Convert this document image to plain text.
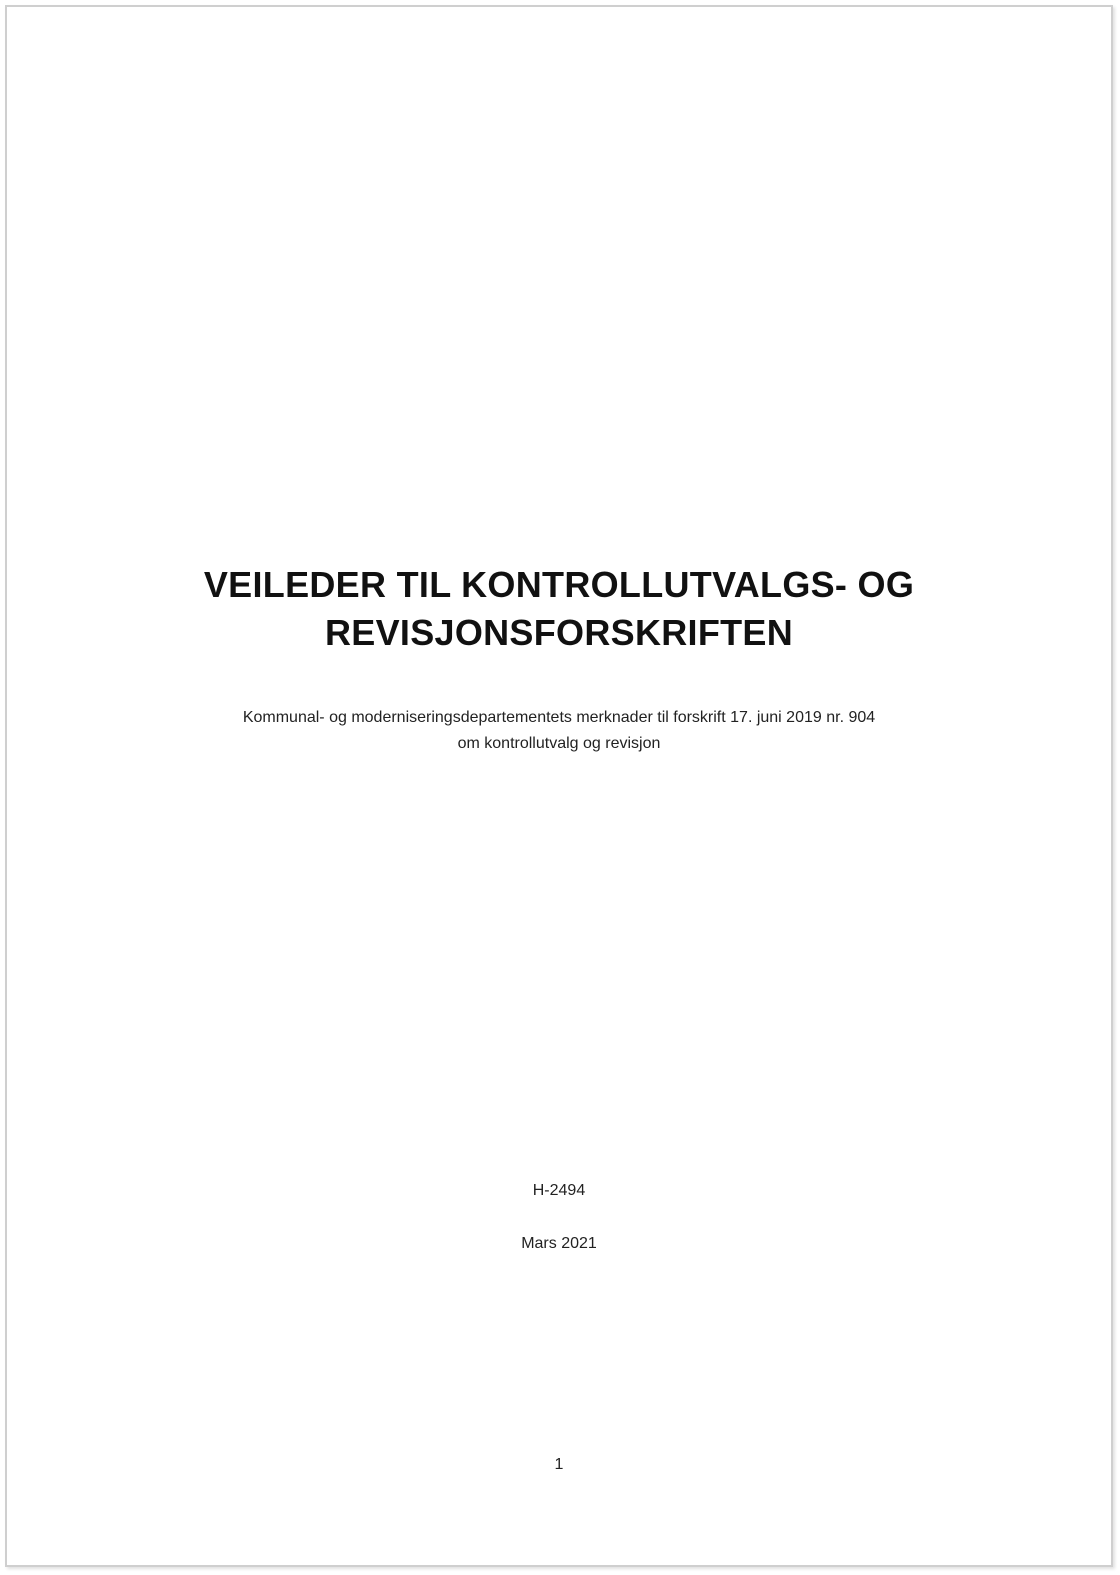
VEILEDER TIL KONTROLLUTVALGS- OG
REVISJONSFORSKRIFTEN
Kommunal- og moderniseringsdepartementets merknader til forskrift 17. juni 2019 nr. 904
om kontrollutvalg og revisjon
H-2494
Mars 2021
1
